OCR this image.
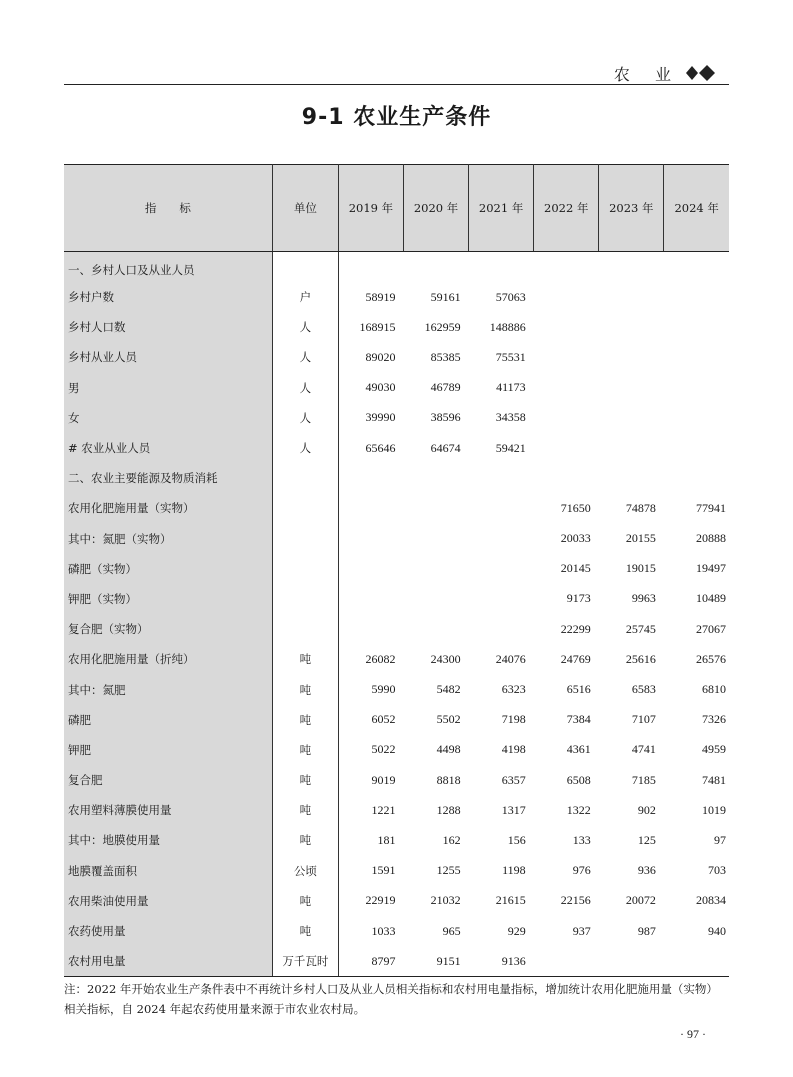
农 业
9-1 农业生产条件
指　　标	单位	2019 年	2020 年	2021 年	2022 年	2023 年	2024 年
一、乡村人口及从业人员							
乡村户数	户	58919	59161	57063			
乡村人口数	人	168915	162959	148886			
乡村从业人员	人	89020	85385	75531			
男	人	49030	46789	41173			
女	人	39990	38596	34358			
# 农业从业人员	人	65646	64674	59421			
二、农业主要能源及物质消耗							
农用化肥施用量（实物）					71650	74878	77941
其中：氮肥（实物）					20033	20155	20888
磷肥（实物）					20145	19015	19497
钾肥（实物）					9173	9963	10489
复合肥（实物）					22299	25745	27067
农用化肥施用量（折纯）	吨	26082	24300	24076	24769	25616	26576
其中：氮肥	吨	5990	5482	6323	6516	6583	6810
磷肥	吨	6052	5502	7198	7384	7107	7326
钾肥	吨	5022	4498	4198	4361	4741	4959
复合肥	吨	9019	8818	6357	6508	7185	7481
农用塑料薄膜使用量	吨	1221	1288	1317	1322	902	1019
其中：地膜使用量	吨	181	162	156	133	125	97
地膜覆盖面积	公顷	1591	1255	1198	976	936	703
农用柴油使用量	吨	22919	21032	21615	22156	20072	20834
农药使用量	吨	1033	965	929	937	987	940
农村用电量	万千瓦时	8797	9151	9136			
注：2022 年开始农业生产条件表中不再统计乡村人口及从业人员相关指标和农村用电量指标，增加统计农用化肥施用量（实物）相关指标，自 2024 年起农药使用量来源于市农业农村局。
· 97 ·
